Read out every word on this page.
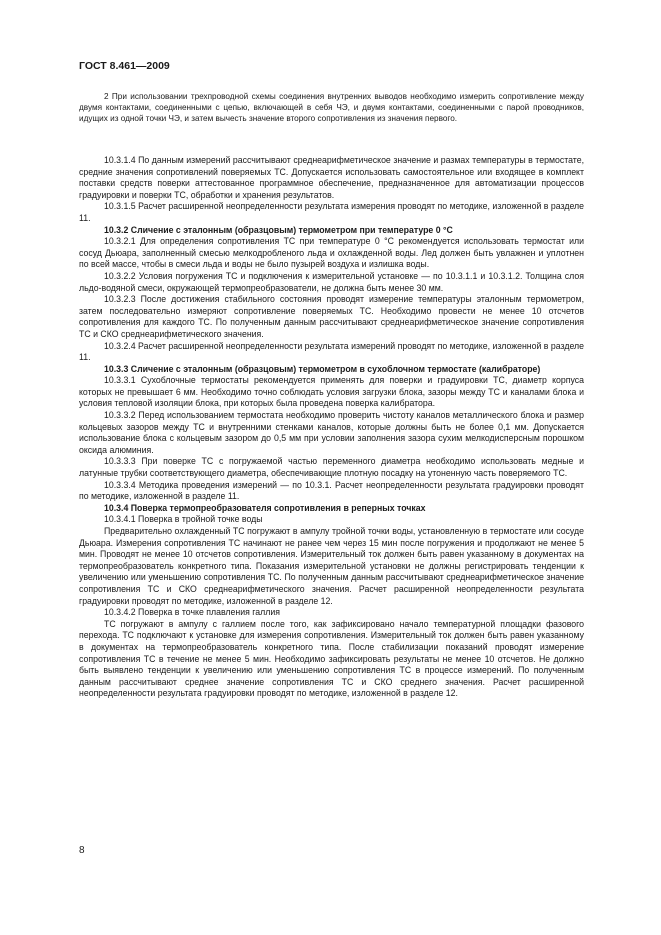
ГОСТ 8.461—2009

2 При использовании трехпроводной схемы соединения внутренних выводов необходимо измерить сопротивление между двумя контактами, соединенными с цепью, включающей в себя ЧЭ, и двумя контактами, соединенными с парой проводников, идущих из одной точки ЧЭ, и затем вычесть значение второго сопротивления из значения первого.

10.3.1.4 По данным измерений рассчитывают среднеарифметическое значение и размах температуры в термостате, средние значения сопротивлений поверяемых ТС. Допускается использовать самостоятельное или входящее в комплект поставки средств поверки аттестованное программное обеспечение, предназначенное для автоматизации процессов градуировки и поверки ТС, обработки и хранения результатов.

10.3.1.5 Расчет расширенной неопределенности результата измерения проводят по методике, изложенной в разделе 11.

10.3.2 Сличение с эталонным (образцовым) термометром при температуре 0 °С

10.3.2.1 Для определения сопротивления ТС при температуре 0 °С рекомендуется использовать термостат или сосуд Дьюара, заполненный смесью мелкодробленого льда и охлажденной воды. Лед должен быть увлажнен и уплотнен по всей массе, чтобы в смеси льда и воды не было пузырей воздуха и излишка воды.

10.3.2.2 Условия погружения ТС и подключения к измерительной установке — по 10.3.1.1 и 10.3.1.2. Толщина слоя льдо-водяной смеси, окружающей термопреобразователи, не должна быть менее 30 мм.

10.3.2.3 После достижения стабильного состояния проводят измерение температуры эталонным термометром, затем последовательно измеряют сопротивление поверяемых ТС. Необходимо провести не менее 10 отсчетов сопротивления для каждого ТС. По полученным данным рассчитывают среднеарифметическое значение сопротивления ТС и СКО среднеарифметического значения.

10.3.2.4 Расчет расширенной неопределенности результата измерений проводят по методике, изложенной в разделе 11.

10.3.3 Сличение с эталонным (образцовым) термометром в сухоблочном термостате (калибраторе)

10.3.3.1 Сухоблочные термостаты рекомендуется применять для поверки и градуировки ТС, диаметр корпуса которых не превышает 6 мм. Необходимо точно соблюдать условия загрузки блока, зазоры между ТС и каналами блока и условия тепловой изоляции блока, при которых была проведена поверка калибратора.

10.3.3.2 Перед использованием термостата необходимо проверить чистоту каналов металлического блока и размер кольцевых зазоров между ТС и внутренними стенками каналов, которые должны быть не более 0,1 мм. Допускается использование блока с кольцевым зазором до 0,5 мм при условии заполнения зазора сухим мелкодисперсным порошком оксида алюминия.

10.3.3.3 При поверке ТС с погружаемой частью переменного диаметра необходимо использовать медные и латунные трубки соответствующего диаметра, обеспечивающие плотную посадку на утоненную часть поверяемого ТС.

10.3.3.4 Методика проведения измерений — по 10.3.1. Расчет неопределенности результата градуировки проводят по методике, изложенной в разделе 11.

10.3.4 Поверка термопреобразователя сопротивления в реперных точках

10.3.4.1 Поверка в тройной точке воды

Предварительно охлажденный ТС погружают в ампулу тройной точки воды, установленную в термостате или сосуде Дьюара. Измерения сопротивления ТС начинают не ранее чем через 15 мин после погружения и продолжают не менее 5 мин. Проводят не менее 10 отсчетов сопротивления. Измерительный ток должен быть равен указанному в документах на термопреобразователь конкретного типа. Показания измерительной установки не должны регистрировать тенденции к увеличению или уменьшению сопротивления ТС. По полученным данным рассчитывают среднеарифметическое значение сопротивления ТС и СКО среднеарифметического значения. Расчет расширенной неопределенности результата градуировки проводят по методике, изложенной в разделе 12.

10.3.4.2 Поверка в точке плавления галлия

ТС погружают в ампулу с галлием после того, как зафиксировано начало температурной площадки фазового перехода. ТС подключают к установке для измерения сопротивления. Измерительный ток должен быть равен указанному в документах на термопреобразователь конкретного типа. После стабилизации показаний проводят измерение сопротивления ТС в течение не менее 5 мин. Необходимо зафиксировать результаты не менее 10 отсчетов. Не должно быть выявлено тенденции к увеличению или уменьшению сопротивления ТС в процессе измерений. По полученным данным рассчитывают среднее значение сопротивления ТС и СКО среднего значения. Расчет расширенной неопределенности результата градуировки проводят по методике, изложенной в разделе 12.

8
